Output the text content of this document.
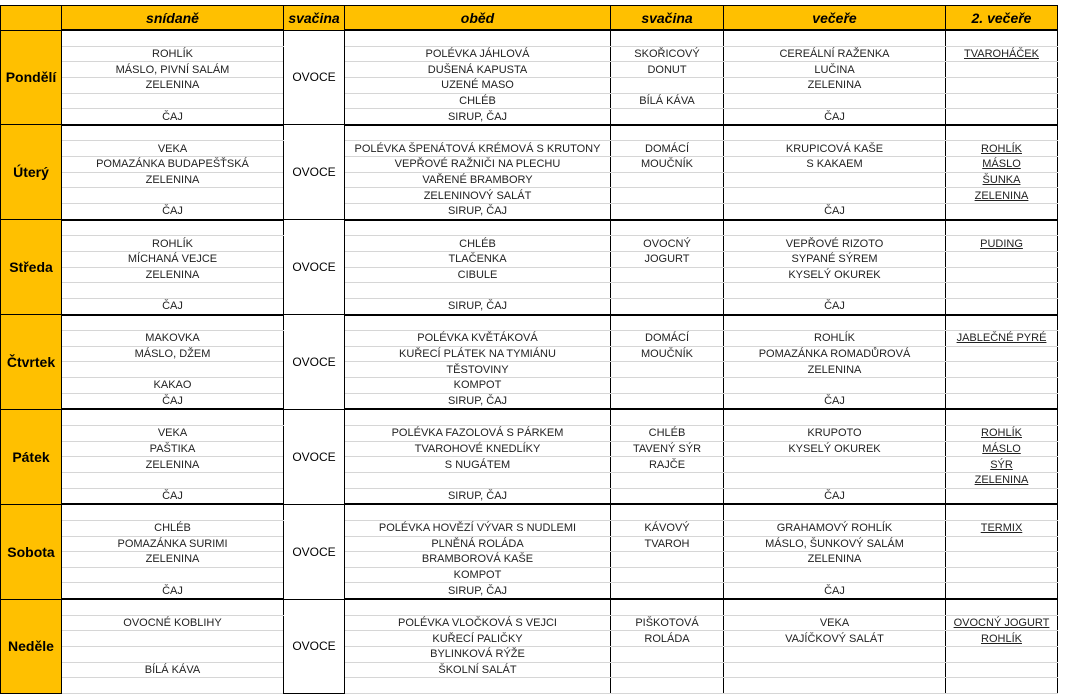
	snídaně	svačina	oběd	svačina	večeře	2. večeře
Pondělí		OVOCE				
	ROHLÍK		POLÉVKA JÁHLOVÁ	SKOŘICOVÝ	CEREÁLNÍ RAŽENKA	TVAROHÁČEK
	MÁSLO, PIVNÍ SALÁM		DUŠENÁ KAPUSTA	DONUT	LUČINA	
	ZELENINA		UZENÉ MASO		ZELENINA	
			CHLÉB	BÍLÁ KÁVA		
	ČAJ		SIRUP, ČAJ		ČAJ	
Úterý		OVOCE				
	VEKA		POLÉVKA ŠPENÁTOVÁ KRÉMOVÁ S KRUTONY	DOMÁCÍ	KRUPICOVÁ KAŠE	ROHLÍK
	POMAZÁNKA BUDAPEŠŤSKÁ		VEPŘOVÉ RAŽNIČI NA PLECHU	MOUČNÍK	S KAKAEM	MÁSLO
	ZELENINA		VAŘENÉ BRAMBORY			ŠUNKA
			ZELENINOVÝ SALÁT			ZELENINA
	ČAJ		SIRUP, ČAJ		ČAJ	
Středa		OVOCE				
	ROHLÍK		CHLÉB	OVOCNÝ	VEPŘOVÉ RIZOTO	PUDING
	MÍCHANÁ VEJCE		TLAČENKA	JOGURT	SYPANÉ SÝREM	
	ZELENINA		CIBULE		KYSELÝ OKUREK	

	ČAJ		SIRUP, ČAJ		ČAJ	
Čtvrtek		OVOCE				
	MAKOVKA		POLÉVKA KVĚTÁKOVÁ	DOMÁCÍ	ROHLÍK	JABLEČNÉ PYRÉ
	MÁSLO, DŽEM		KUŘECÍ PLÁTEK NA TYMIÁNU	MOUČNÍK	POMAZÁNKA ROMADŮROVÁ	
			TĚSTOVINY		ZELENINA	
	KAKAO		KOMPOT			
	ČAJ		SIRUP, ČAJ		ČAJ	
Pátek		OVOCE				
	VEKA		POLÉVKA FAZOLOVÁ S PÁRKEM	CHLÉB	KRUPOTO	ROHLÍK
	PAŠTIKA		TVAROHOVÉ KNEDLÍKY	TAVENÝ SÝR	KYSELÝ OKUREK	MÁSLO
	ZELENINA		S NUGÁTEM	RAJČE		SÝR
						ZELENINA
	ČAJ		SIRUP, ČAJ		ČAJ	
Sobota		OVOCE				
	CHLÉB		POLÉVKA HOVĚZÍ VÝVAR S NUDLEMI	KÁVOVÝ	GRAHAMOVÝ ROHLÍK	TERMIX
	POMAZÁNKA SURIMI		PLNĚNÁ ROLÁDA	TVAROH	MÁSLO, ŠUNKOVÝ SALÁM	
	ZELENINA		BRAMBOROVÁ KAŠE		ZELENINA	
			KOMPOT			
	ČAJ		SIRUP, ČAJ		ČAJ	
Neděle		OVOCE				
	OVOCNÉ KOBLIHY		POLÉVKA VLOČKOVÁ S VEJCI	PIŠKOTOVÁ	VEKA	OVOCNÝ JOGURT
			KUŘECÍ PALIČKY	ROLÁDA	VAJÍČKOVÝ SALÁT	ROHLÍK
			BYLINKOVÁ RÝŽE			
	BÍLÁ KÁVA		ŠKOLNÍ SALÁT			
